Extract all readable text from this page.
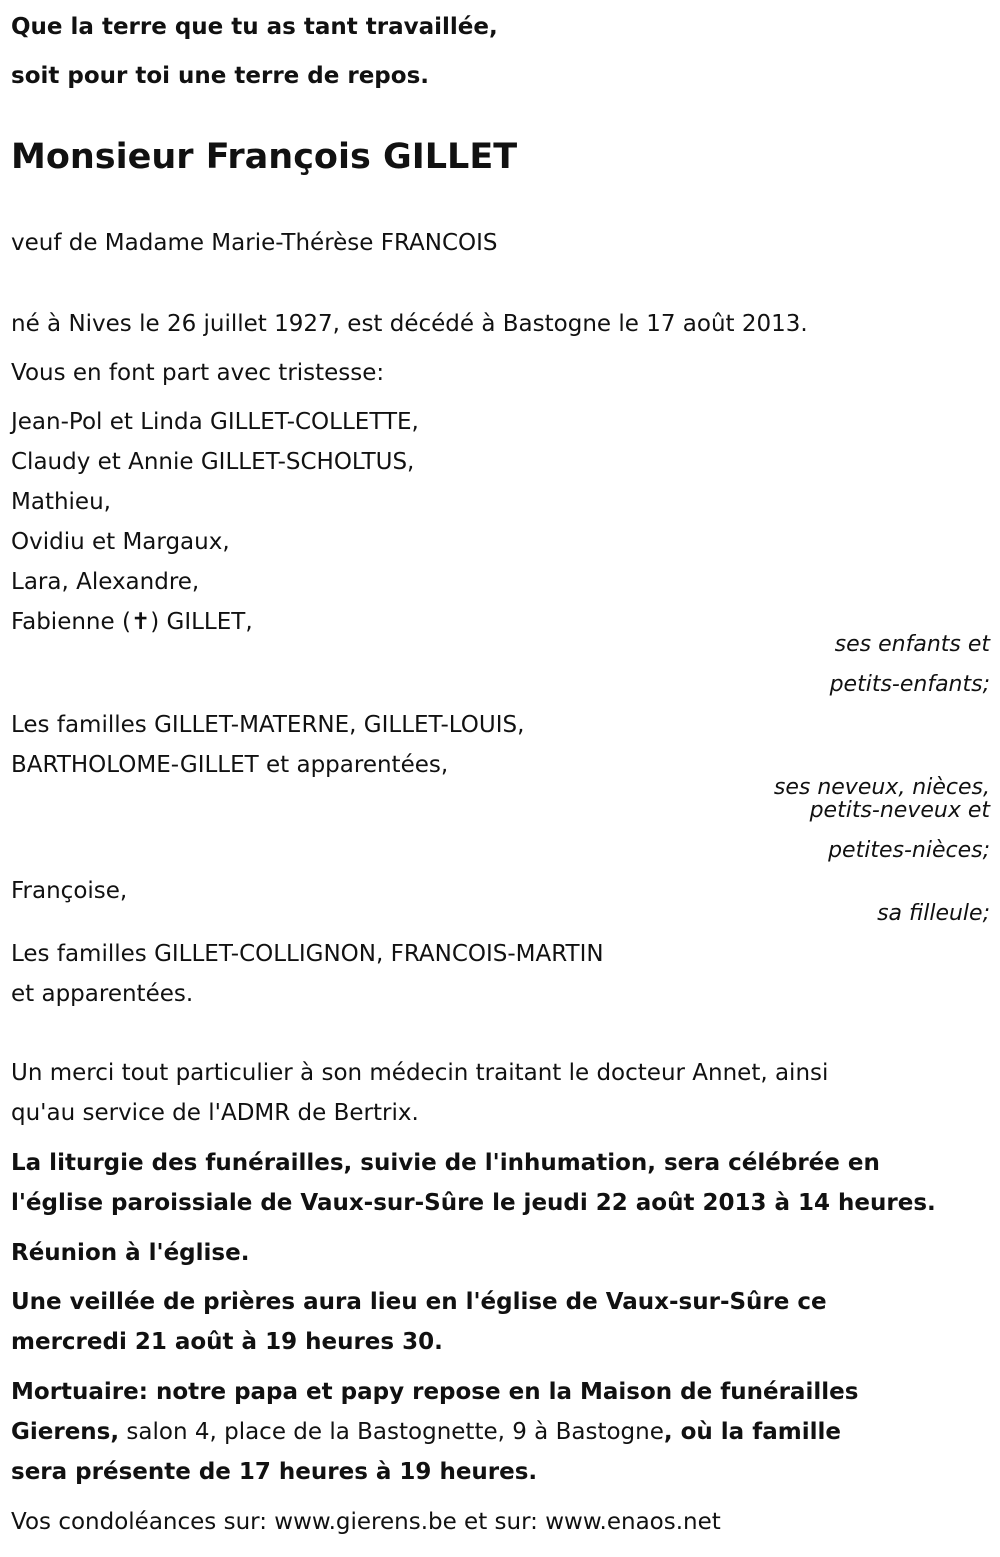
Que la terre que tu as tant travaillée,
soit pour toi une terre de repos.
Monsieur François GILLET
veuf de Madame Marie-Thérèse FRANCOIS
né à Nives le 26 juillet 1927, est décédé à Bastogne le 17 août 2013.
Vous en font part avec tristesse:
Jean-Pol et Linda GILLET-COLLETTE,
Claudy et Annie GILLET-SCHOLTUS,
Mathieu,
Ovidiu et Margaux,
Lara, Alexandre,
Fabienne (✝) GILLET,
ses enfants et
petits-enfants;
Les familles GILLET-MATERNE, GILLET-LOUIS,
BARTHOLOME-GILLET et apparentées,
ses neveux, nièces,
petits-neveux et
petites-nièces;
Françoise,
sa filleule;
Les familles GILLET-COLLIGNON, FRANCOIS-MARTIN
et apparentées.
Un merci tout particulier à son médecin traitant le docteur Annet, ainsi
qu'au service de l'ADMR de Bertrix.
La liturgie des funérailles, suivie de l'inhumation, sera célébrée en
l'église paroissiale de Vaux-sur-Sûre le jeudi 22 août 2013 à 14 heures.
Réunion à l'église.
Une veillée de prières aura lieu en l'église de Vaux-sur-Sûre ce
mercredi 21 août à 19 heures 30.
Mortuaire: notre papa et papy repose en la Maison de funérailles
Gierens, salon 4, place de la Bastognette, 9 à Bastogne, où la famille
sera présente de 17 heures à 19 heures.
Vos condoléances sur: www.gierens.be et sur: www.enaos.net
